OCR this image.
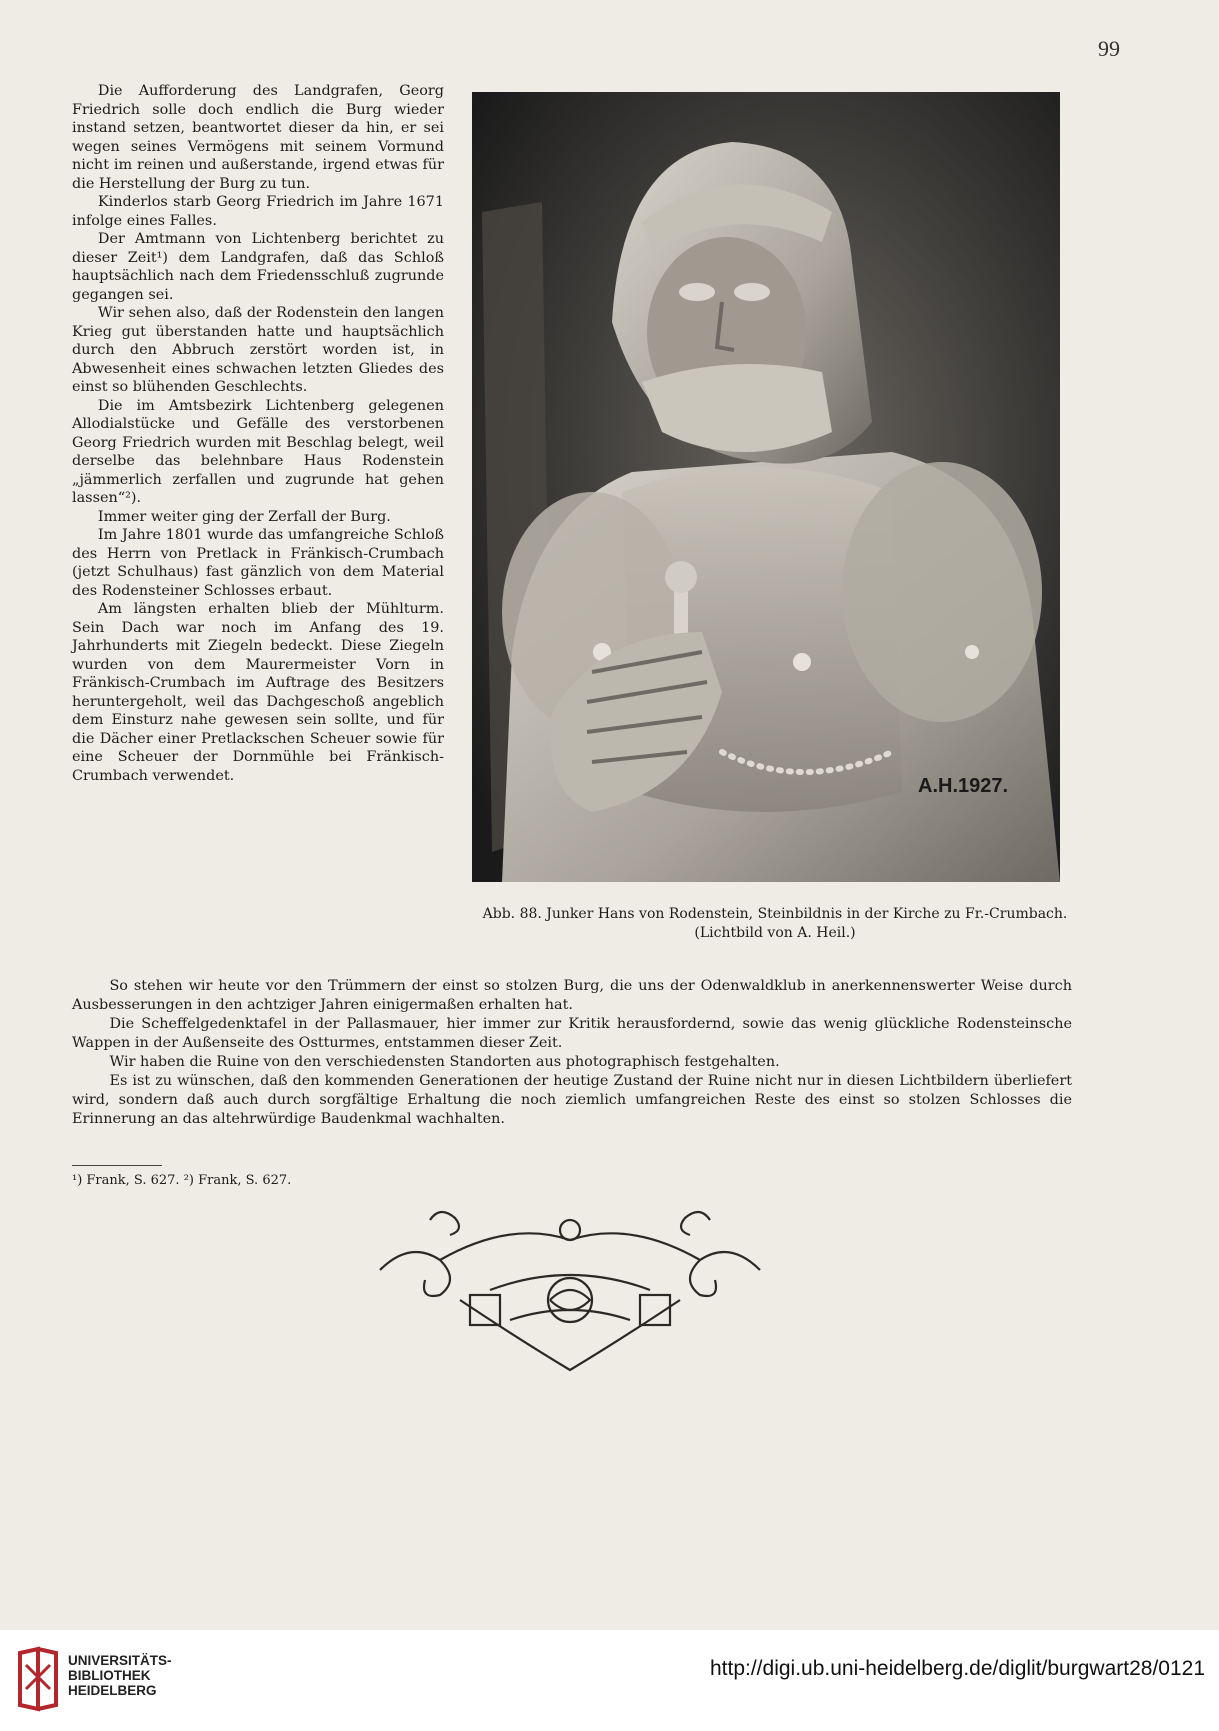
99

Die Aufforderung des Landgrafen, Georg Friedrich solle doch endlich die Burg wieder instand setzen, beantwortet dieser da hin, er sei wegen seines Vermögens mit seinem Vormund nicht im reinen und außerstande, irgend etwas für die Herstellung der Burg zu tun.

Kinderlos starb Georg Friedrich im Jahre 1671 infolge eines Falles.

Der Amtmann von Lichtenberg berichtet zu dieser Zeit¹) dem Landgrafen, daß das Schloß hauptsächlich nach dem Friedensschluß zugrunde gegangen sei.

Wir sehen also, daß der Rodenstein den langen Krieg gut überstanden hatte und hauptsächlich durch den Abbruch zerstört worden ist, in Abwesenheit eines schwachen letzten Gliedes des einst so blühenden Geschlechts.

Die im Amtsbezirk Lichtenberg gelegenen Allodialstücke und Gefälle des verstorbenen Georg Friedrich wurden mit Beschlag belegt, weil derselbe das belehnbare Haus Rodenstein „jämmerlich zerfallen und zugrunde hat gehen lassen“²).

Immer weiter ging der Zerfall der Burg.

Im Jahre 1801 wurde das umfangreiche Schloß des Herrn von Pretlack in Fränkisch-Crumbach (jetzt Schulhaus) fast gänzlich von dem Material des Rodensteiner Schlosses erbaut.

Am längsten erhalten blieb der Mühlturm. Sein Dach war noch im Anfang des 19. Jahrhunderts mit Ziegeln bedeckt. Diese Ziegeln wurden von dem Maurermeister Vorn in Fränkisch-Crumbach im Auftrage des Besitzers heruntergeholt, weil das Dachgeschoß angeblich dem Einsturz nahe gewesen sein sollte, und für die Dächer einer Pretlackschen Scheuer sowie für eine Scheuer der Dornmühle bei Fränkisch-Crumbach verwendet.	A.H.1927.
Abb. 88. Junker Hans von Rodenstein, Steinbildnis in der Kirche zu Fr.-Crumbach.
(Lichtbild von A. Heil.)

So stehen wir heute vor den Trümmern der einst so stolzen Burg, die uns der Odenwaldklub in anerkennenswerter Weise durch Ausbesserungen in den achtziger Jahren einigermaßen erhalten hat.

Die Scheffelgedenktafel in der Pallasmauer, hier immer zur Kritik herausfordernd, sowie das wenig glückliche Rodensteinsche Wappen in der Außenseite des Ostturmes, entstammen dieser Zeit.

Wir haben die Ruine von den verschiedensten Standorten aus photographisch festgehalten.

Es ist zu wünschen, daß den kommenden Generationen der heutige Zustand der Ruine nicht nur in diesen Lichtbildern überliefert wird, sondern daß auch durch sorgfältige Erhaltung die noch ziemlich umfangreichen Reste des einst so stolzen Schlosses die Erinnerung an das altehrwürdige Baudenkmal wachhalten.

¹) Frank, S. 627. ²) Frank, S. 627.
UNIVERSITÄTS-
BIBLIOTHEK
HEIDELBERG
http://digi.ub.uni-heidelberg.de/diglit/burgwart28/0121
